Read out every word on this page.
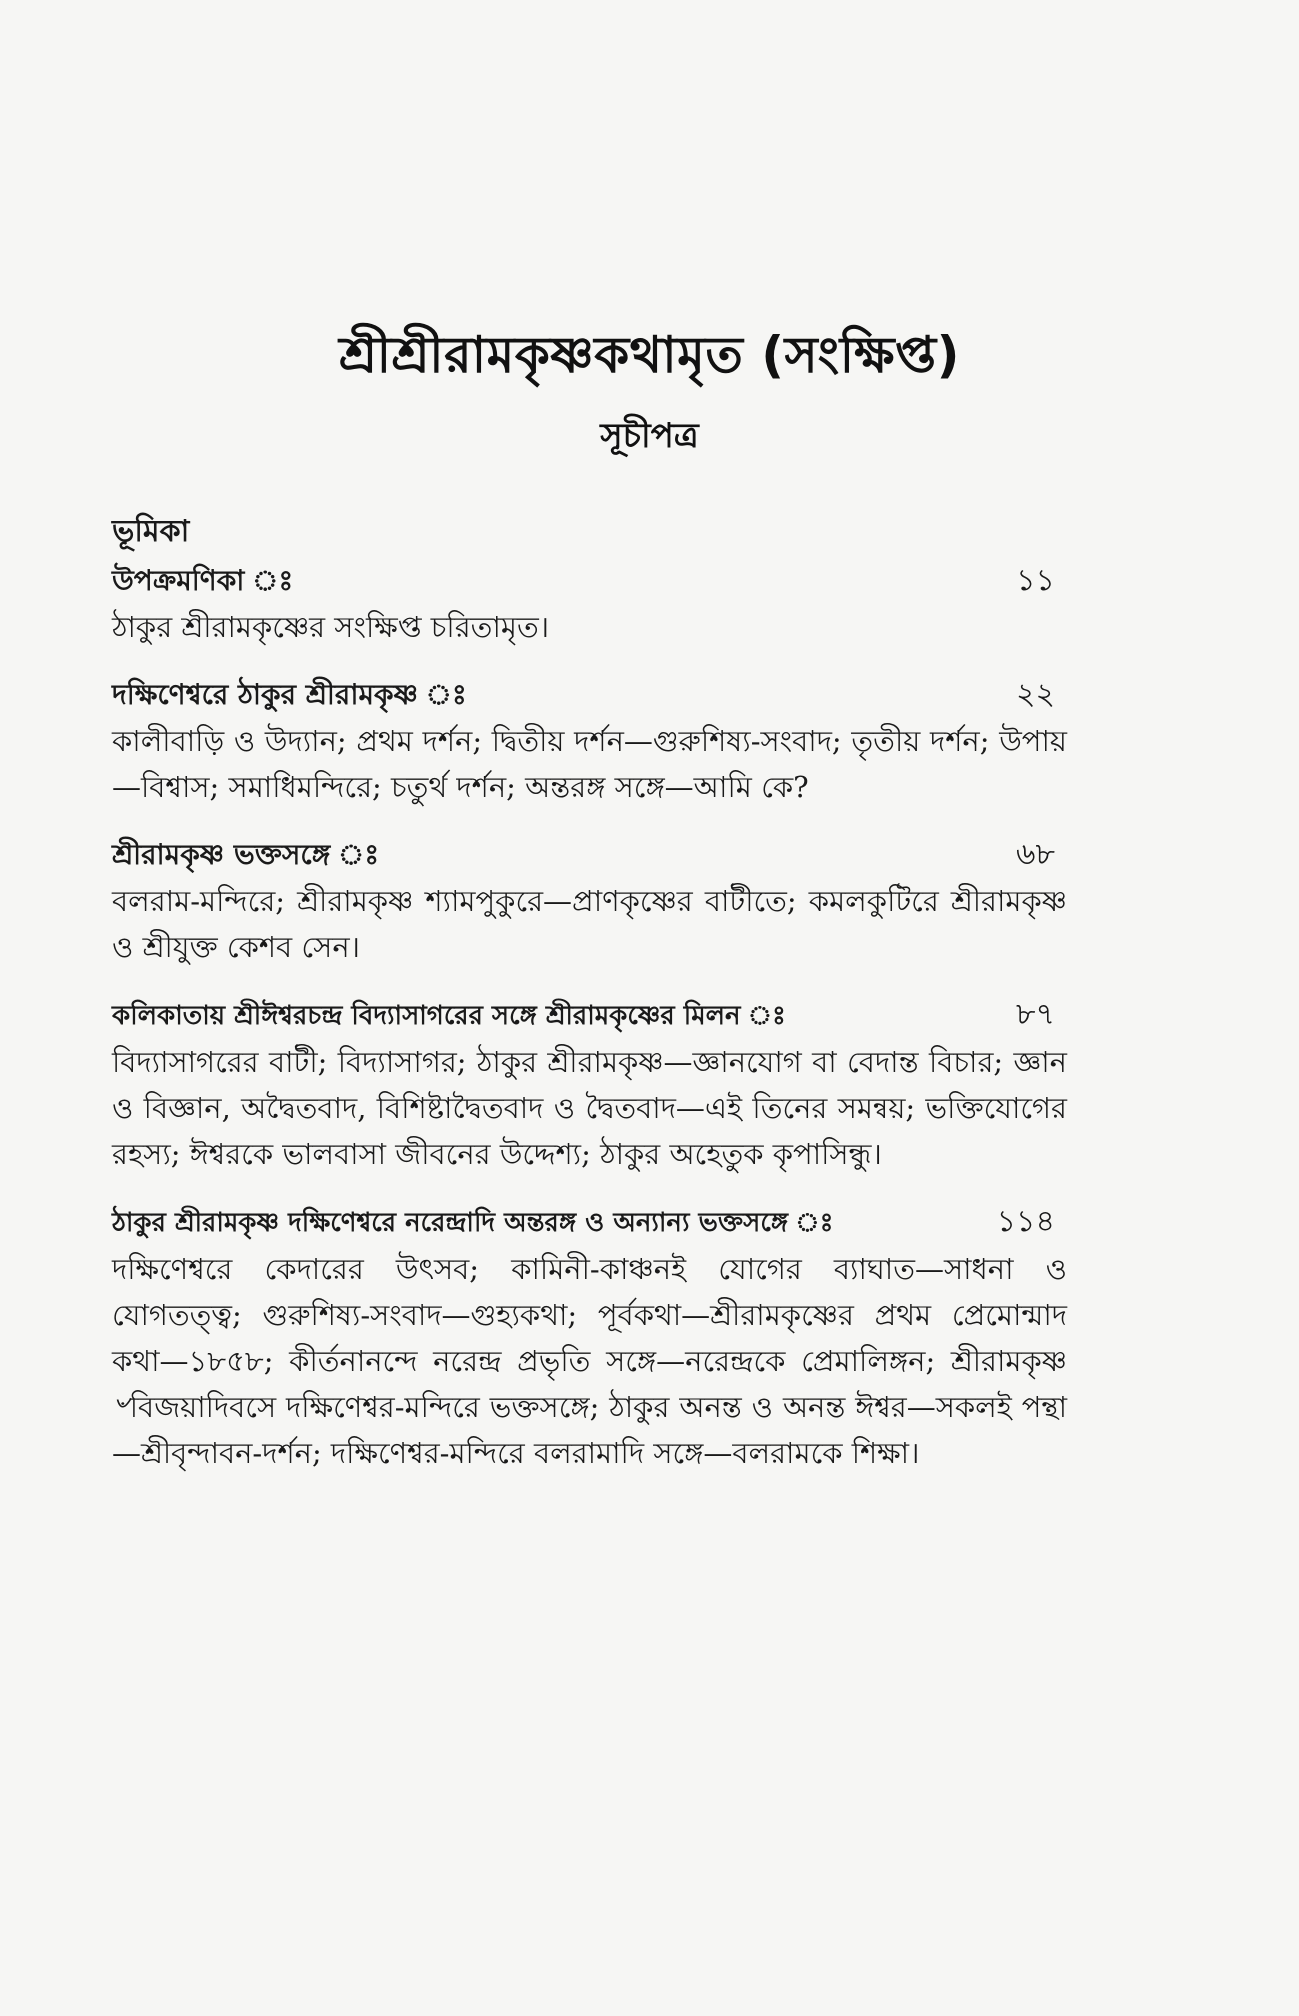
শ্রীশ্রীরামকৃষ্ণকথামৃত (সংক্ষিপ্ত)
সূচীপত্র
ভূমিকা
উপক্রমণিকা ঃ	১১
ঠাকুর শ্রীরামকৃষ্ণের সংক্ষিপ্ত চরিতামৃত।
দক্ষিণেশ্বরে ঠাকুর শ্রীরামকৃষ্ণ ঃ	২২
কালীবাড়ি ও উদ্যান; প্রথম দর্শন; দ্বিতীয় দর্শন—গুরুশিষ্য-সংবাদ; তৃতীয় দর্শন; উপায়—বিশ্বাস; সমাধিমন্দিরে; চতুর্থ দর্শন; অন্তরঙ্গ সঙ্গে—আমি কে?
শ্রীরামকৃষ্ণ ভক্তসঙ্গে ঃ	৬৮
বলরাম-মন্দিরে; শ্রীরামকৃষ্ণ শ্যামপুকুরে—প্রাণকৃষ্ণের বাটীতে; কমলকুটিরে শ্রীরামকৃষ্ণ ও শ্রীযুক্ত কেশব সেন।
কলিকাতায় শ্রীঈশ্বরচন্দ্র বিদ্যাসাগরের সঙ্গে শ্রীরামকৃষ্ণের মিলন ঃ	৮৭
বিদ্যাসাগরের বাটী; বিদ্যাসাগর; ঠাকুর শ্রীরামকৃষ্ণ—জ্ঞানযোগ বা বেদান্ত বিচার; জ্ঞান ও বিজ্ঞান, অদ্বৈতবাদ, বিশিষ্টাদ্বৈতবাদ ও দ্বৈতবাদ—এই তিনের সমন্বয়; ভক্তিযোগের রহস্য; ঈশ্বরকে ভালবাসা জীবনের উদ্দেশ্য; ঠাকুর অহেতুক কৃপাসিন্ধু।
ঠাকুর শ্রীরামকৃষ্ণ দক্ষিণেশ্বরে নরেন্দ্রাদি অন্তরঙ্গ ও অন্যান্য ভক্তসঙ্গে ঃ	১১৪
দক্ষিণেশ্বরে কেদারের উৎসব; কামিনী-কাঞ্চনই যোগের ব্যাঘাত—সাধনা ও যোগতত্ত্ব; গুরুশিষ্য-সংবাদ—গুহ্যকথা; পূর্বকথা—শ্রীরামকৃষ্ণের প্রথম প্রেমোন্মাদ কথা—১৮৫৮; কীর্তনানন্দে নরেন্দ্র প্রভৃতি সঙ্গে—নরেন্দ্রকে প্রেমালিঙ্গন; শ্রীরামকৃষ্ণ ৺বিজয়াদিবসে দক্ষিণেশ্বর-মন্দিরে ভক্তসঙ্গে; ঠাকুর অনন্ত ও অনন্ত ঈশ্বর—সকলই পন্থা—শ্রীবৃন্দাবন-দর্শন; দক্ষিণেশ্বর-মন্দিরে বলরামাদি সঙ্গে—বলরামকে শিক্ষা।
